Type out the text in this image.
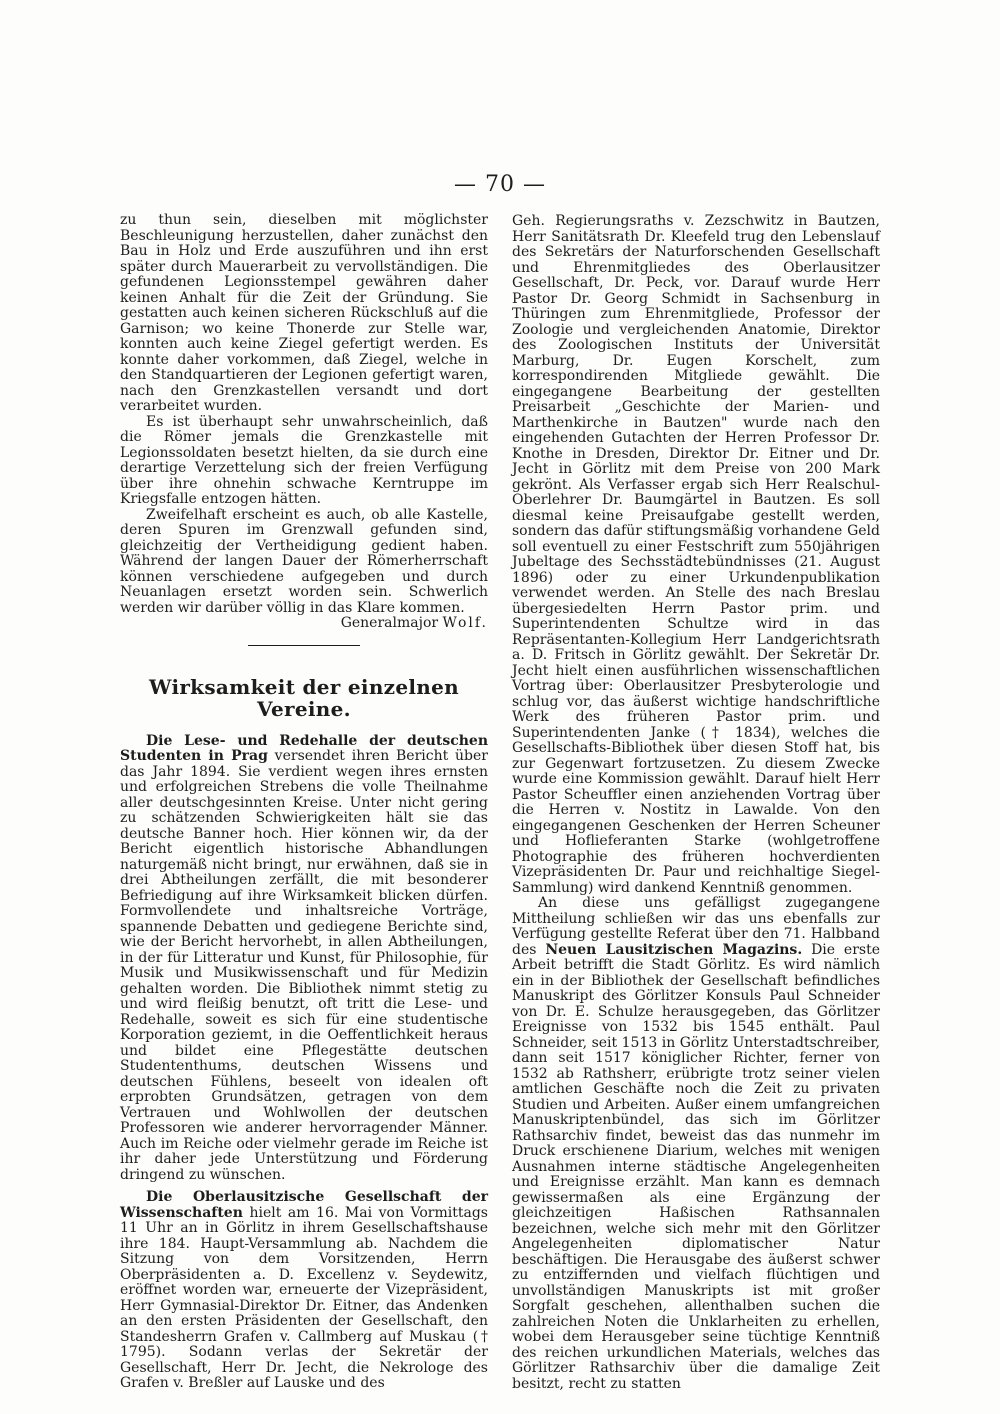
— 70 —

zu thun sein, dieselben mit möglichster Beschleunigung herzustellen, daher zunächst den Bau in Holz und Erde auszuführen und ihn erst später durch Mauerarbeit zu vervollständigen. Die gefundenen Legionsstempel gewähren daher keinen Anhalt für die Zeit der Gründung. Sie gestatten auch keinen sicheren Rückschluß auf die Garnison; wo keine Thonerde zur Stelle war, konnten auch keine Ziegel gefertigt werden. Es konnte daher vorkommen, daß Ziegel, welche in den Standquartieren der Legionen gefertigt waren, nach den Grenzkastellen versandt und dort verarbeitet wurden.

Es ist überhaupt sehr unwahrscheinlich, daß die Römer jemals die Grenzkastelle mit Legionssoldaten besetzt hielten, da sie durch eine derartige Verzettelung sich der freien Verfügung über ihre ohnehin schwache Kerntruppe im Kriegsfalle entzogen hätten.

Zweifelhaft erscheint es auch, ob alle Kastelle, deren Spuren im Grenzwall gefunden sind, gleichzeitig der Vertheidigung gedient haben. Während der langen Dauer der Römerherrschaft können verschiedene aufgegeben und durch Neuanlagen ersetzt worden sein. Schwerlich werden wir darüber völlig in das Klare kommen.

Generalmajor Wolf.

Wirksamkeit der einzelnen Vereine.

Die Lese- und Redehalle der deutschen Studenten in Prag versendet ihren Bericht über das Jahr 1894. Sie verdient wegen ihres ernsten und erfolgreichen Strebens die volle Theilnahme aller deutschgesinnten Kreise. Unter nicht gering zu schätzenden Schwierigkeiten hält sie das deutsche Banner hoch. Hier können wir, da der Bericht eigentlich historische Abhandlungen naturgemäß nicht bringt, nur erwähnen, daß sie in drei Abtheilungen zerfällt, die mit besonderer Befriedigung auf ihre Wirksamkeit blicken dürfen. Formvollendete und inhaltsreiche Vorträge, spannende Debatten und gediegene Berichte sind, wie der Bericht hervorhebt, in allen Abtheilungen, in der für Litteratur und Kunst, für Philosophie, für Musik und Musikwissenschaft und für Medizin gehalten worden. Die Bibliothek nimmt stetig zu und wird fleißig benutzt, oft tritt die Lese- und Redehalle, soweit es sich für eine studentische Korporation geziemt, in die Oeffentlichkeit heraus und bildet eine Pflegestätte deutschen Studententhums, deutschen Wissens und deutschen Fühlens, beseelt von idealen oft erprobten Grundsätzen, getragen von dem Vertrauen und Wohlwollen der deutschen Professoren wie anderer hervorragender Männer. Auch im Reiche oder vielmehr gerade im Reiche ist ihr daher jede Unterstützung und Förderung dringend zu wünschen.

Die Oberlausitzische Gesellschaft der Wissenschaften hielt am 16. Mai von Vormittags 11 Uhr an in Görlitz in ihrem Gesellschaftshause ihre 184. Haupt-Versammlung ab. Nachdem die Sitzung von dem Vorsitzenden, Herrn Oberpräsidenten a. D. Excellenz v. Seydewitz, eröffnet worden war, erneuerte der Vizepräsident, Herr Gymnasial-Direktor Dr. Eitner, das Andenken an den ersten Präsidenten der Gesellschaft, den Standesherrn Grafen v. Callmberg auf Muskau († 1795). Sodann verlas der Sekretär der Gesellschaft, Herr Dr. Jecht, die Nekrologe des Grafen v. Breßler auf Lauske und des

Geh. Regierungsraths v. Zezschwitz in Bautzen, Herr Sanitätsrath Dr. Kleefeld trug den Lebenslauf des Sekretärs der Naturforschenden Gesellschaft und Ehrenmitgliedes des Oberlausitzer Gesellschaft, Dr. Peck, vor. Darauf wurde Herr Pastor Dr. Georg Schmidt in Sachsenburg in Thüringen zum Ehrenmitgliede, Professor der Zoologie und vergleichenden Anatomie, Direktor des Zoologischen Instituts der Universität Marburg, Dr. Eugen Korschelt, zum korrespondirenden Mitgliede gewählt. Die eingegangene Bearbeitung der gestellten Preisarbeit „Geschichte der Marien- und Marthenkirche in Bautzen" wurde nach den eingehenden Gutachten der Herren Professor Dr. Knothe in Dresden, Direktor Dr. Eitner und Dr. Jecht in Görlitz mit dem Preise von 200 Mark gekrönt. Als Verfasser ergab sich Herr Realschul-Oberlehrer Dr. Baumgärtel in Bautzen. Es soll diesmal keine Preisaufgabe gestellt werden, sondern das dafür stiftungsmäßig vorhandene Geld soll eventuell zu einer Festschrift zum 550jährigen Jubeltage des Sechsstädtebündnisses (21. August 1896) oder zu einer Urkundenpublikation verwendet werden. An Stelle des nach Breslau übergesiedelten Herrn Pastor prim. und Superintendenten Schultze wird in das Repräsentanten-Kollegium Herr Landgerichtsrath a. D. Fritsch in Görlitz gewählt. Der Sekretär Dr. Jecht hielt einen ausführlichen wissenschaftlichen Vortrag über: Oberlausitzer Presbyterologie und schlug vor, das äußerst wichtige handschriftliche Werk des früheren Pastor prim. und Superintendenten Janke († 1834), welches die Gesellschafts-Bibliothek über diesen Stoff hat, bis zur Gegenwart fortzusetzen. Zu diesem Zwecke wurde eine Kommission gewählt. Darauf hielt Herr Pastor Scheuffler einen anziehenden Vortrag über die Herren v. Nostitz in Lawalde. Von den eingegangenen Geschenken der Herren Scheuner und Hoflieferanten Starke (wohlgetroffene Photographie des früheren hochverdienten Vizepräsidenten Dr. Paur und reichhaltige Siegel-Sammlung) wird dankend Kenntniß genommen.

An diese uns gefälligst zugegangene Mittheilung schließen wir das uns ebenfalls zur Verfügung gestellte Referat über den 71. Halbband des Neuen Lausitzischen Magazins. Die erste Arbeit betrifft die Stadt Görlitz. Es wird nämlich ein in der Bibliothek der Gesellschaft befindliches Manuskript des Görlitzer Konsuls Paul Schneider von Dr. E. Schulze herausgegeben, das Görlitzer Ereignisse von 1532 bis 1545 enthält. Paul Schneider, seit 1513 in Görlitz Unterstadtschreiber, dann seit 1517 königlicher Richter, ferner von 1532 ab Rathsherr, erübrigte trotz seiner vielen amtlichen Geschäfte noch die Zeit zu privaten Studien und Arbeiten. Außer einem umfangreichen Manuskriptenbündel, das sich im Görlitzer Rathsarchiv findet, beweist das das nunmehr im Druck erschienene Diarium, welches mit wenigen Ausnahmen interne städtische Angelegenheiten und Ereignisse erzählt. Man kann es demnach gewissermaßen als eine Ergänzung der gleichzeitigen Haßischen Rathsannalen bezeichnen, welche sich mehr mit den Görlitzer Angelegenheiten diplomatischer Natur beschäftigen. Die Herausgabe des äußerst schwer zu entziffernden und vielfach flüchtigen und unvollständigen Manuskripts ist mit großer Sorgfalt geschehen, allenthalben suchen die zahlreichen Noten die Unklarheiten zu erhellen, wobei dem Herausgeber seine tüchtige Kenntniß des reichen urkundlichen Materials, welches das Görlitzer Rathsarchiv über die damalige Zeit besitzt, recht zu statten
